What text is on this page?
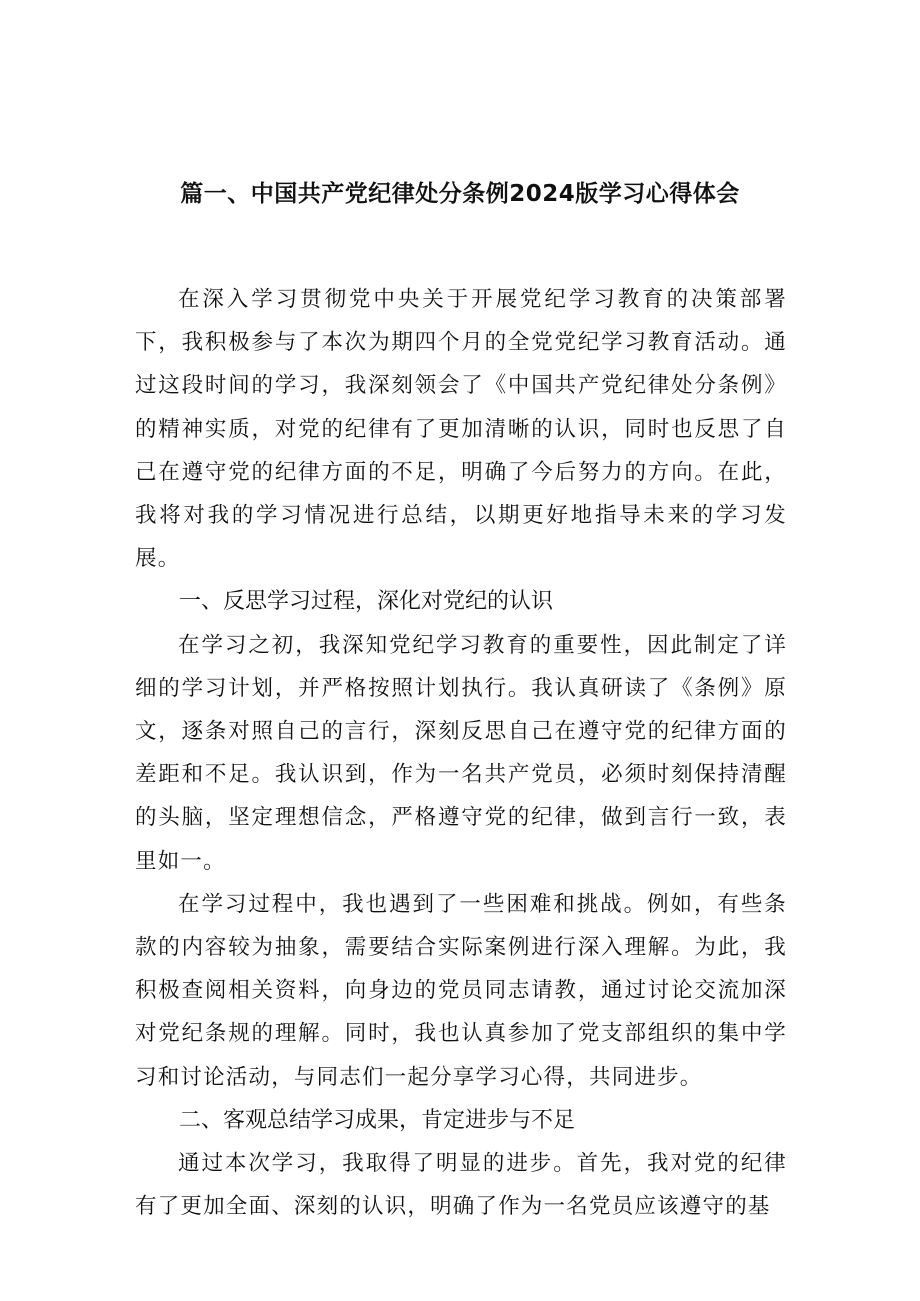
篇一、中国共产党纪律处分条例2024版学习心得体会

在深入学习贯彻党中央关于开展党纪学习教育的决策部署下，我积极参与了本次为期四个月的全党党纪学习教育活动。通过这段时间的学习，我深刻领会了《中国共产党纪律处分条例》的精神实质，对党的纪律有了更加清晰的认识，同时也反思了自己在遵守党的纪律方面的不足，明确了今后努力的方向。在此，我将对我的学习情况进行总结，以期更好地指导未来的学习发展。

一、反思学习过程，深化对党纪的认识

在学习之初，我深知党纪学习教育的重要性，因此制定了详细的学习计划，并严格按照计划执行。我认真研读了《条例》原文，逐条对照自己的言行，深刻反思自己在遵守党的纪律方面的差距和不足。我认识到，作为一名共产党员，必须时刻保持清醒的头脑，坚定理想信念，严格遵守党的纪律，做到言行一致，表里如一。

在学习过程中，我也遇到了一些困难和挑战。例如，有些条款的内容较为抽象，需要结合实际案例进行深入理解。为此，我积极查阅相关资料，向身边的党员同志请教，通过讨论交流加深对党纪条规的理解。同时，我也认真参加了党支部组织的集中学习和讨论活动，与同志们一起分享学习心得，共同进步。

二、客观总结学习成果，肯定进步与不足

通过本次学习，我取得了明显的进步。首先，我对党的纪律有了更加全面、深刻的认识，明确了作为一名党员应该遵守的基
